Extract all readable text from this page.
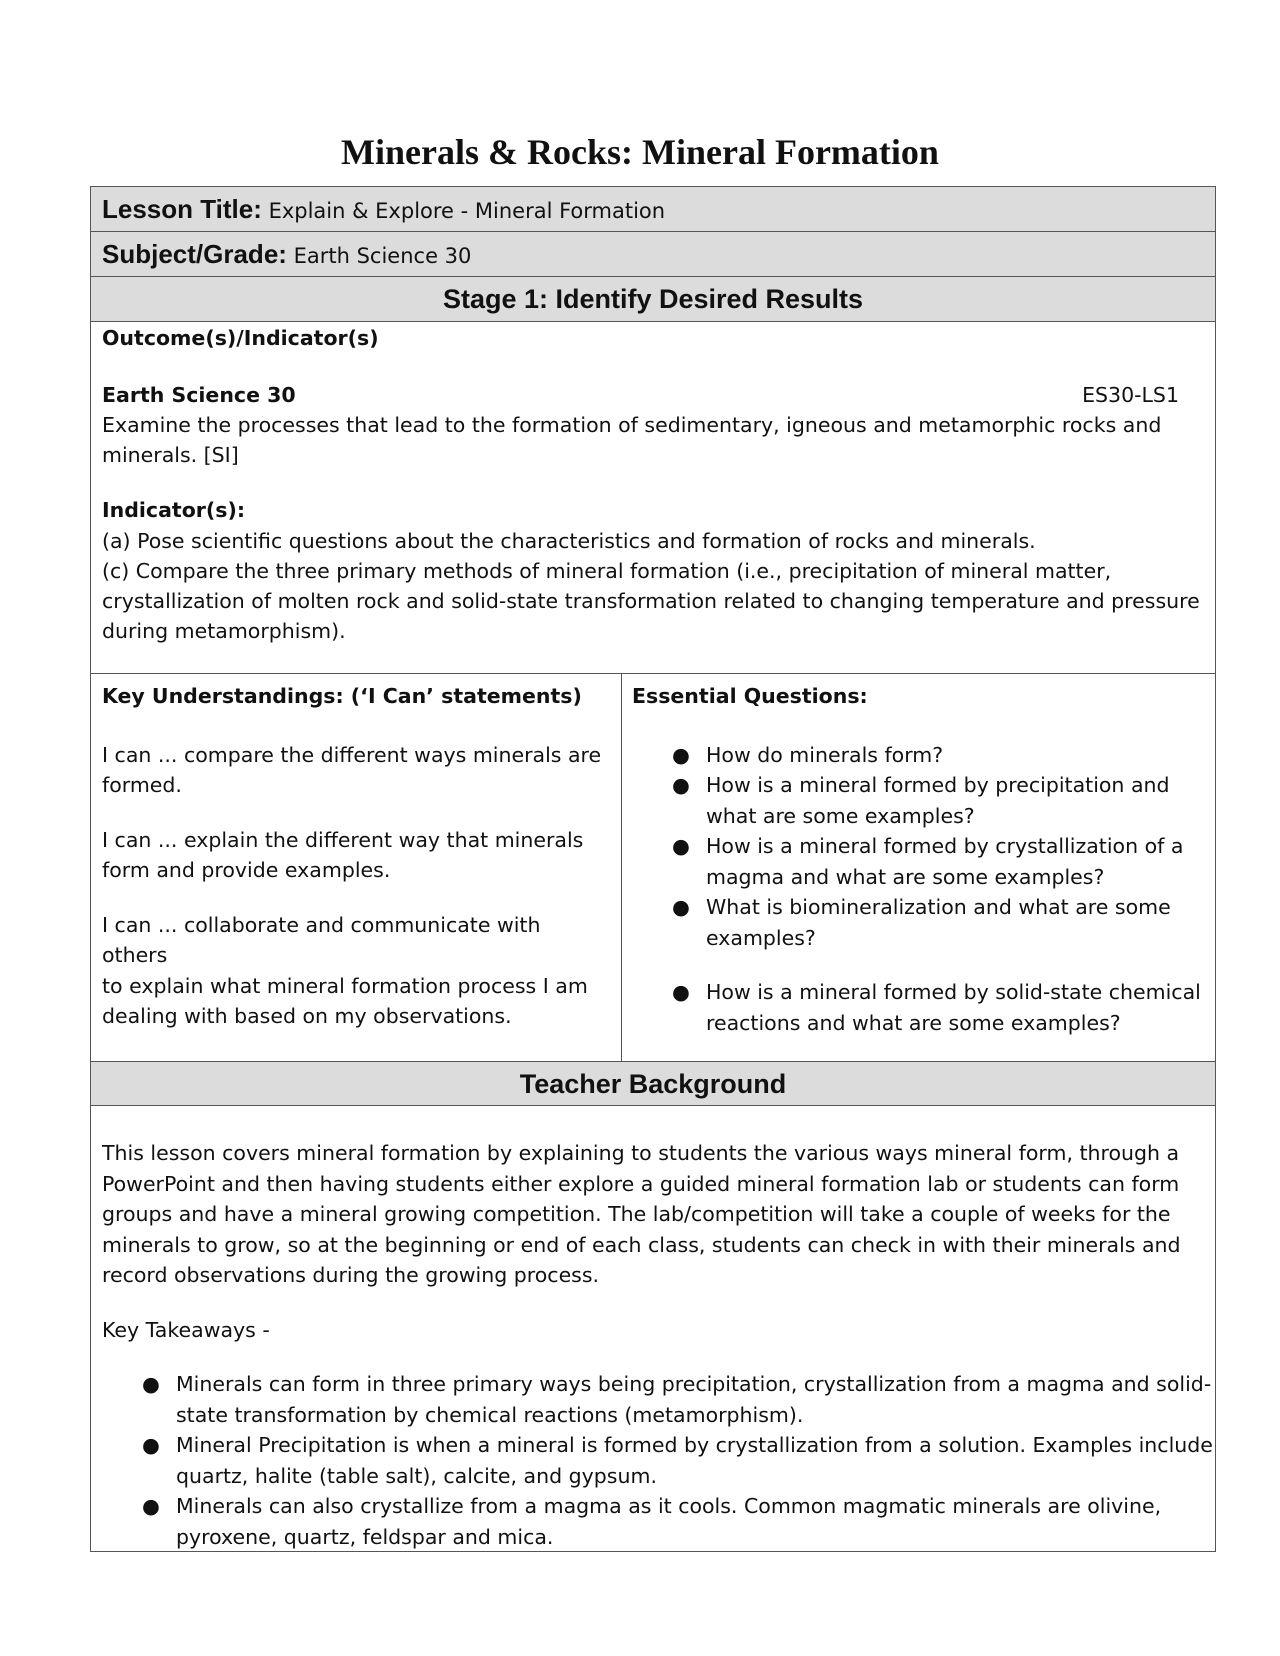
Minerals & Rocks: Mineral Formation
Lesson Title: Explain & Explore - Mineral Formation
Subject/Grade: Earth Science 30
Stage 1: Identify Desired Results
Outcome(s)/Indicator(s)
Earth Science 30	ES30-LS1
Examine the processes that lead to the formation of sedimentary, igneous and metamorphic rocks and
minerals. [SI]
Indicator(s):
(a) Pose scientific questions about the characteristics and formation of rocks and minerals.
(c) Compare the three primary methods of mineral formation (i.e., precipitation of mineral matter,
crystallization of molten rock and solid-state transformation related to changing temperature and pressure
during metamorphism).
Key Understandings: (‘I Can’ statements)
I can ... compare the different ways minerals are
formed.
I can ... explain the different way that minerals
form and provide examples.
I can ... collaborate and communicate with others
to explain what mineral formation process I am
dealing with based on my observations.
Essential Questions:
● How do minerals form?
● How is a mineral formed by precipitation and
what are some examples?
● How is a mineral formed by crystallization of a
magma and what are some examples?
● What is biomineralization and what are some
examples?
● How is a mineral formed by solid-state chemical
reactions and what are some examples?
Teacher Background
This lesson covers mineral formation by explaining to students the various ways mineral form, through a
PowerPoint and then having students either explore a guided mineral formation lab or students can form
groups and have a mineral growing competition. The lab/competition will take a couple of weeks for the
minerals to grow, so at the beginning or end of each class, students can check in with their minerals and
record observations during the growing process.
Key Takeaways -
● Minerals can form in three primary ways being precipitation, crystallization from a magma and solid-
state transformation by chemical reactions (metamorphism).
● Mineral Precipitation is when a mineral is formed by crystallization from a solution. Examples include
quartz, halite (table salt), calcite, and gypsum.
● Minerals can also crystallize from a magma as it cools. Common magmatic minerals are olivine,
pyroxene, quartz, feldspar and mica.
